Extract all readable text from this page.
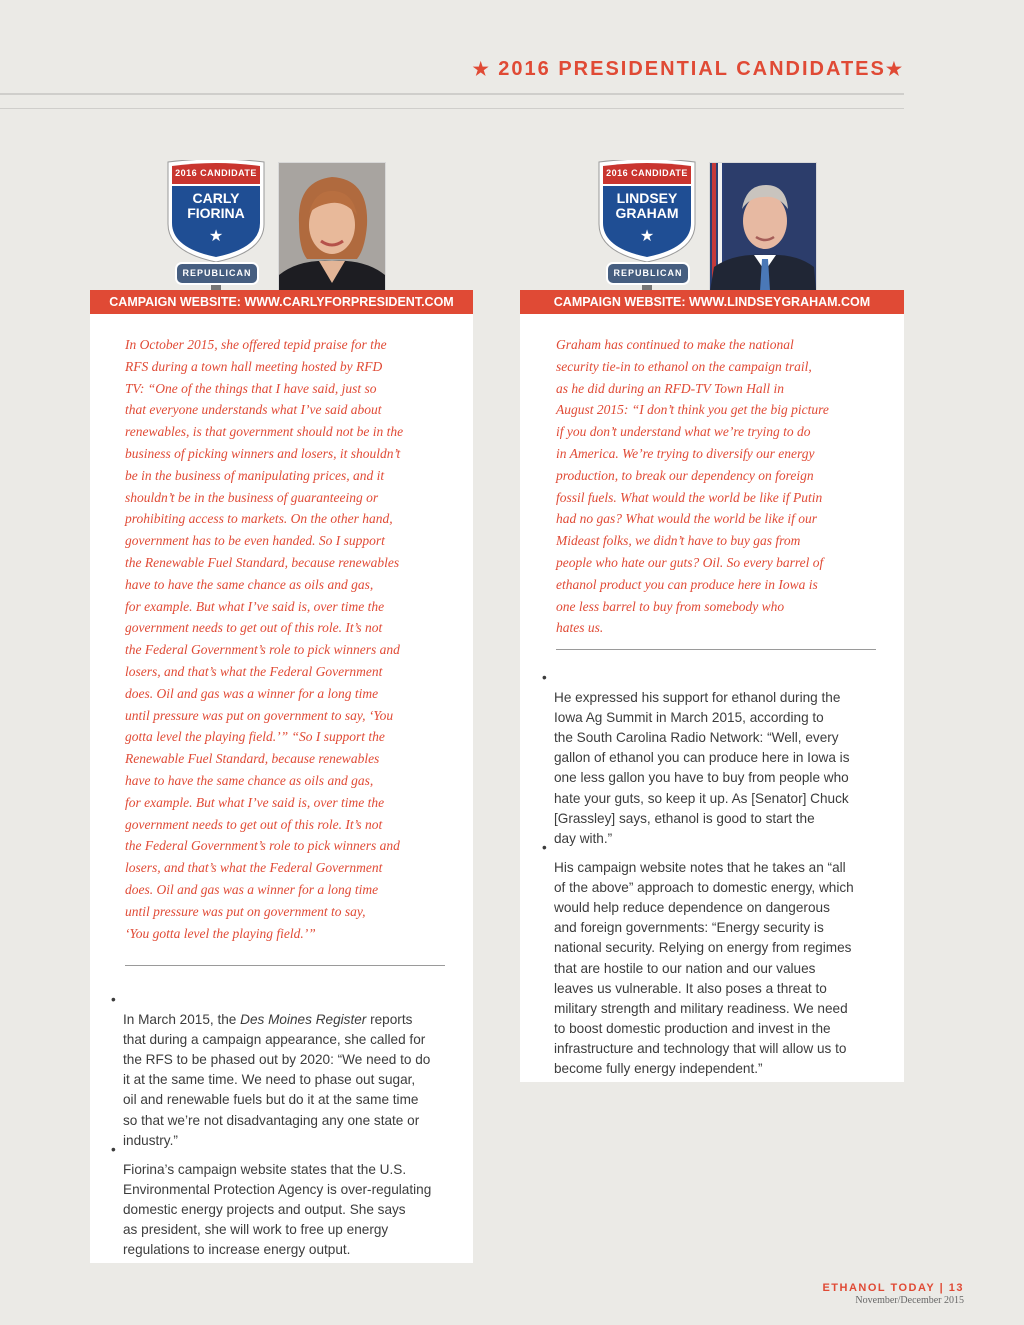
★ 2016 PRESIDENTIAL CANDIDATES★
2016 CANDIDATE
CARLY
FIORINA
★
REPUBLICAN
CAMPAIGN WEBSITE: WWW.CARLYFORPRESIDENT.COM
In October 2015, she offered tepid praise for the
RFS during a town hall meeting hosted by RFD
TV: “One of the things that I have said, just so
that everyone understands what I’ve said about
renewables, is that government should not be in the
business of picking winners and losers, it shouldn’t
be in the business of manipulating prices, and it
shouldn’t be in the business of guaranteeing or
prohibiting access to markets. On the other hand,
government has to be even handed. So I support
the Renewable Fuel Standard, because renewables
have to have the same chance as oils and gas,
for example. But what I’ve said is, over time the
government needs to get out of this role. It’s not
the Federal Government’s role to pick winners and
losers, and that’s what the Federal Government
does. Oil and gas was a winner for a long time
until pressure was put on government to say, ‘You
gotta level the playing field.’” “So I support the
Renewable Fuel Standard, because renewables
have to have the same chance as oils and gas,
for example. But what I’ve said is, over time the
government needs to get out of this role. It’s not
the Federal Government’s role to pick winners and
losers, and that’s what the Federal Government
does. Oil and gas was a winner for a long time
until pressure was put on government to say,
‘You gotta level the playing field.’”

•
In March 2015, the Des Moines Register reports
that during a campaign appearance, she called for
the RFS to be phased out by 2020: “We need to do
it at the same time. We need to phase out sugar,
oil and renewable fuels but do it at the same time
so that we’re not disadvantaging any one state or
industry.”

•
Fiorina’s campaign website states that the U.S.
Environmental Protection Agency is over-regulating
domestic energy projects and output. She says
as president, she will work to free up energy
regulations to increase energy output.

2016 CANDIDATE
LINDSEY
GRAHAM
★
REPUBLICAN
CAMPAIGN WEBSITE: WWW.LINDSEYGRAHAM.COM
Graham has continued to make the national
security tie-in to ethanol on the campaign trail,
as he did during an RFD-TV Town Hall in
August 2015: “I don’t think you get the big picture
if you don’t understand what we’re trying to do
in America. We’re trying to diversify our energy
production, to break our dependency on foreign
fossil fuels. What would the world be like if Putin
had no gas? What would the world be like if our
Mideast folks, we didn’t have to buy gas from
people who hate our guts? Oil. So every barrel of
ethanol product you can produce here in Iowa is
one less barrel to buy from somebody who
hates us.

•
He expressed his support for ethanol during the
Iowa Ag Summit in March 2015, according to
the South Carolina Radio Network: “Well, every
gallon of ethanol you can produce here in Iowa is
one less gallon you have to buy from people who
hate your guts, so keep it up. As [Senator] Chuck
[Grassley] says, ethanol is good to start the
day with.”

•
His campaign website notes that he takes an “all
of the above” approach to domestic energy, which
would help reduce dependence on dangerous
and foreign governments: “Energy security is
national security. Relying on energy from regimes
that are hostile to our nation and our values
leaves us vulnerable. It also poses a threat to
military strength and military readiness. We need
to boost domestic production and invest in the
infrastructure and technology that will allow us to
become fully energy independent.”

ETHANOL TODAY | 13
November/December 2015
